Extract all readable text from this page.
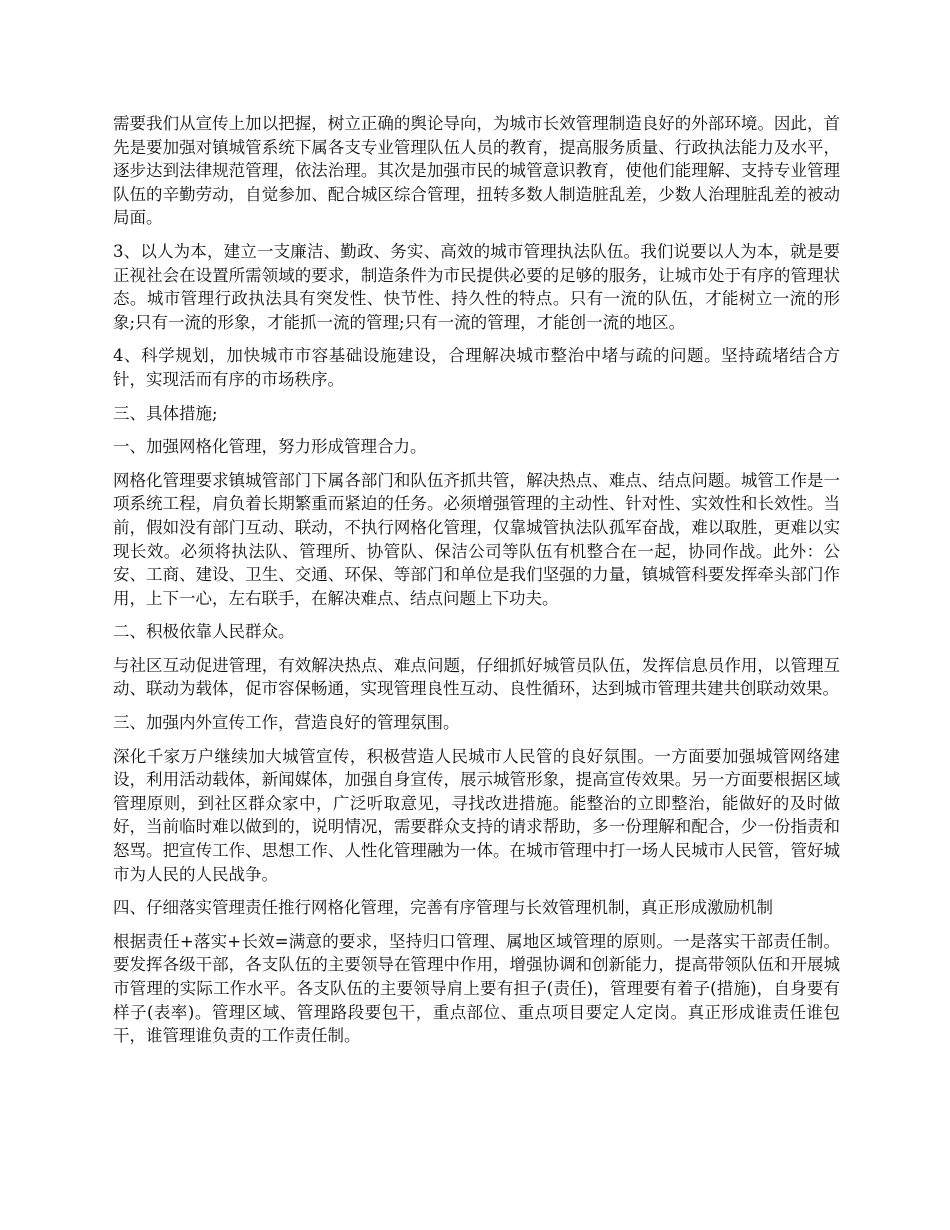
需要我们从宣传上加以把握，树立正确的舆论导向，为城市长效管理制造良好的外部环境。因此，首先是要加强对镇城管系统下属各支专业管理队伍人员的教育，提高服务质量、行政执法能力及水平，逐步达到法律规范管理，依法治理。其次是加强市民的城管意识教育，使他们能理解、支持专业管理队伍的辛勤劳动，自觉参加、配合城区综合管理，扭转多数人制造脏乱差，少数人治理脏乱差的被动局面。

3、以人为本，建立一支廉洁、勤政、务实、高效的城市管理执法队伍。我们说要以人为本，就是要正视社会在设置所需领域的要求，制造条件为市民提供必要的足够的服务，让城市处于有序的管理状态。城市管理行政执法具有突发性、快节性、持久性的特点。只有一流的队伍，才能树立一流的形象;只有一流的形象，才能抓一流的管理;只有一流的管理，才能创一流的地区。

4、科学规划，加快城市市容基础设施建设，合理解决城市整治中堵与疏的问题。坚持疏堵结合方针，实现活而有序的市场秩序。

三、具体措施;

一、加强网格化管理，努力形成管理合力。

网格化管理要求镇城管部门下属各部门和队伍齐抓共管，解决热点、难点、结点问题。城管工作是一项系统工程，肩负着长期繁重而紧迫的任务。必须增强管理的主动性、针对性、实效性和长效性。当前，假如没有部门互动、联动，不执行网格化管理，仅靠城管执法队孤军奋战，难以取胜，更难以实现长效。必须将执法队、管理所、协管队、保洁公司等队伍有机整合在一起，协同作战。此外：公安、工商、建设、卫生、交通、环保、等部门和单位是我们坚强的力量，镇城管科要发挥牵头部门作用，上下一心，左右联手，在解决难点、结点问题上下功夫。

二、积极依靠人民群众。

与社区互动促进管理，有效解决热点、难点问题，仔细抓好城管员队伍，发挥信息员作用，以管理互动、联动为载体，促市容保畅通，实现管理良性互动、良性循环，达到城市管理共建共创联动效果。

三、加强内外宣传工作，营造良好的管理氛围。

深化千家万户继续加大城管宣传，积极营造人民城市人民管的良好氛围。一方面要加强城管网络建设，利用活动载体，新闻媒体，加强自身宣传，展示城管形象，提高宣传效果。另一方面要根据区域管理原则，到社区群众家中，广泛听取意见，寻找改进措施。能整治的立即整治，能做好的及时做好，当前临时难以做到的，说明情况，需要群众支持的请求帮助，多一份理解和配合，少一份指责和怒骂。把宣传工作、思想工作、人性化管理融为一体。在城市管理中打一场人民城市人民管，管好城市为人民的人民战争。

四、仔细落实管理责任推行网格化管理，完善有序管理与长效管理机制，真正形成激励机制

根据责任+落实+长效=满意的要求，坚持归口管理、属地区域管理的原则。一是落实干部责任制。要发挥各级干部，各支队伍的主要领导在管理中作用，增强协调和创新能力，提高带领队伍和开展城市管理的实际工作水平。各支队伍的主要领导肩上要有担子(责任)，管理要有着子(措施)，自身要有样子(表率)。管理区域、管理路段要包干，重点部位、重点项目要定人定岗。真正形成谁责任谁包干，谁管理谁负责的工作责任制。
